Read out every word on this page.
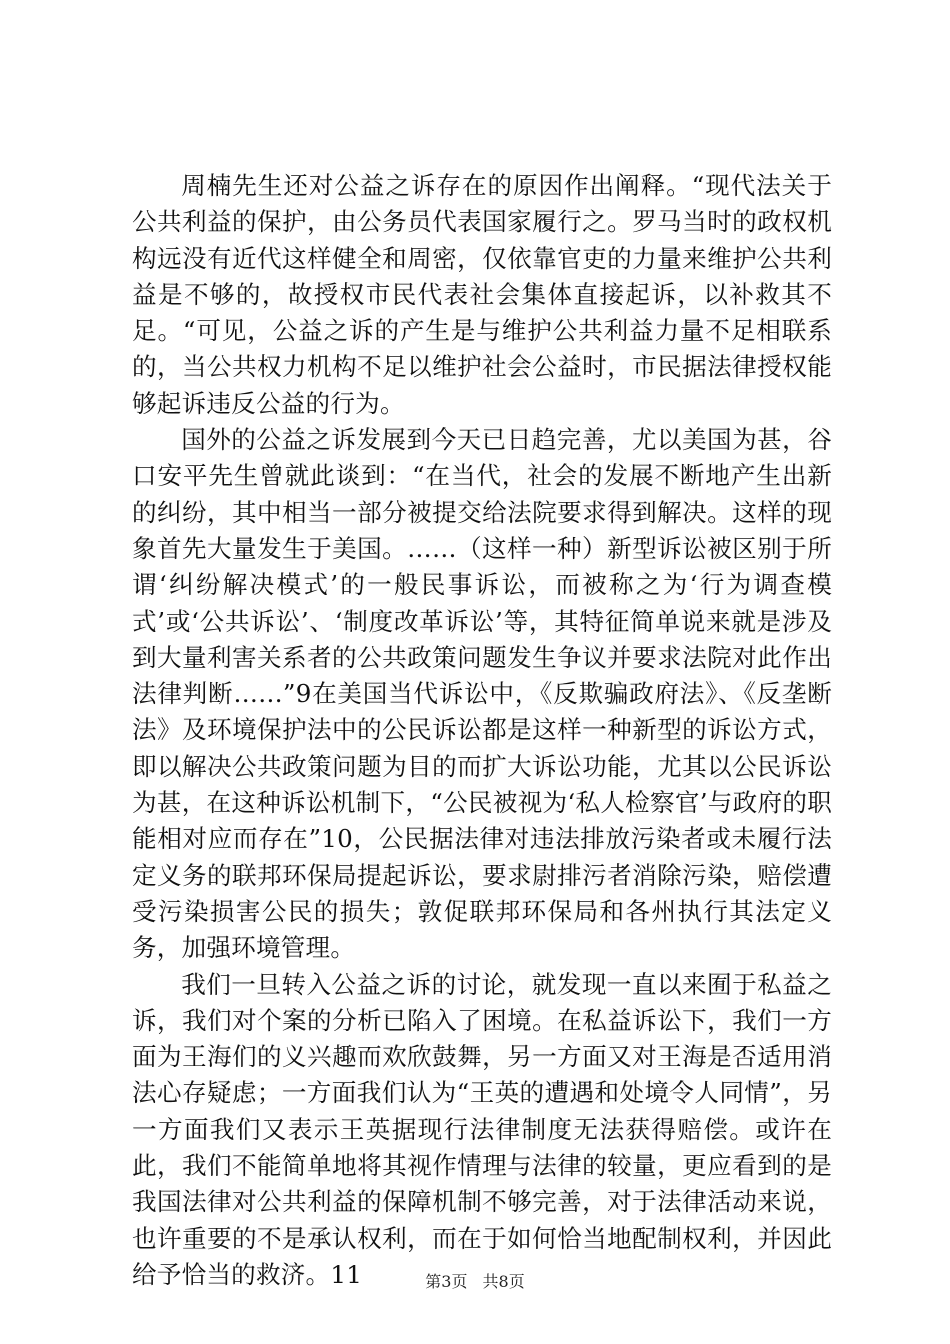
周楠先生还对公益之诉存在的原因作出阐释。“现代法关于公共利益的保护，由公务员代表国家履行之。罗马当时的政权机构远没有近代这样健全和周密，仅依靠官吏的力量来维护公共利益是不够的，故授权市民代表社会集体直接起诉，以补救其不足。“可见，公益之诉的产生是与维护公共利益力量不足相联系的，当公共权力机构不足以维护社会公益时，市民据法律授权能够起诉违反公益的行为。

国外的公益之诉发展到今天已日趋完善，尤以美国为甚，谷口安平先生曾就此谈到：“在当代，社会的发展不断地产生出新的纠纷，其中相当一部分被提交给法院要求得到解决。这样的现象首先大量发生于美国。……（这样一种）新型诉讼被区别于所谓‘纠纷解决模式’的一般民事诉讼，而被称之为‘行为调查模式’或‘公共诉讼’、‘制度改革诉讼’等，其特征简单说来就是涉及到大量利害关系者的公共政策问题发生争议并要求法院对此作出法律判断……”9在美国当代诉讼中，《反欺骗政府法》、《反垄断法》及环境保护法中的公民诉讼都是这样一种新型的诉讼方式，即以解决公共政策问题为目的而扩大诉讼功能，尤其以公民诉讼为甚，在这种诉讼机制下，“公民被视为‘私人检察官’与政府的职能相对应而存在”10，公民据法律对违法排放污染者或未履行法定义务的联邦环保局提起诉讼，要求尉排污者消除污染，赔偿遭受污染损害公民的损失；敦促联邦环保局和各州执行其法定义务，加强环境管理。

我们一旦转入公益之诉的讨论，就发现一直以来囿于私益之诉，我们对个案的分析已陷入了困境。在私益诉讼下，我们一方面为王海们的义兴趣而欢欣鼓舞，另一方面又对王海是否适用消法心存疑虑；一方面我们认为“王英的遭遇和处境令人同情”，另一方面我们又表示王英据现行法律制度无法获得赔偿。或许在此，我们不能简单地将其视作情理与法律的较量，更应看到的是我国法律对公共利益的保障机制不够完善，对于法律活动来说，也许重要的不是承认权利，而在于如何恰当地配制权利，并因此给予恰当的救济。11	第3页 共8页
